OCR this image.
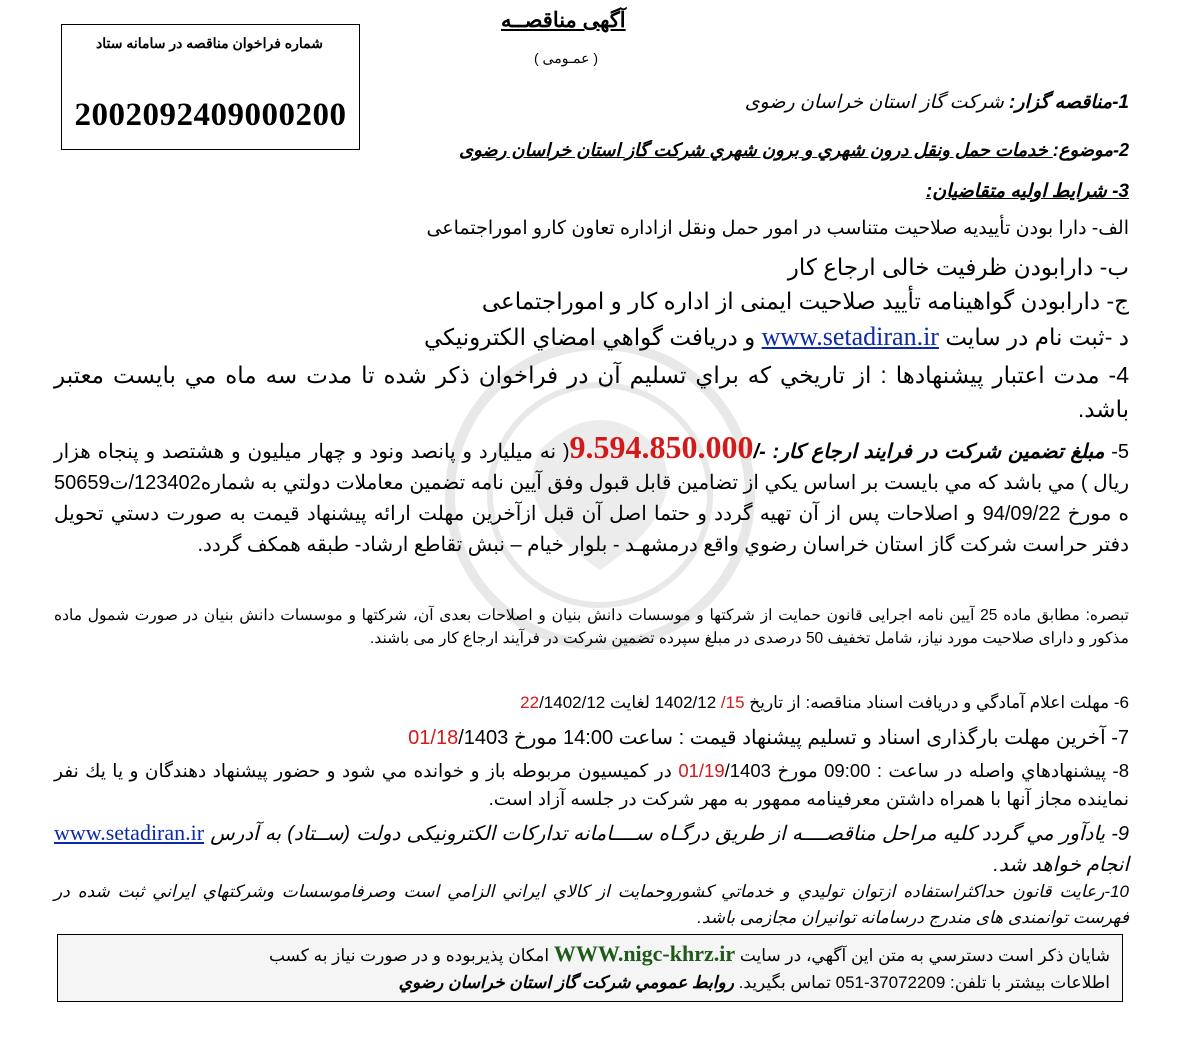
شماره فراخوان مناقصه در سامانه ستاد
2002092409000200
آگهی مناقصــه
( عمـومی )
1-مناقصه گزار: شرکت گاز استان خراسان رضوی
2-موضوع: خدمات حمل ونقل درون شهري و برون شهري شرکت گاز استان خراسان رضوی
3- شرایط اولیه متقاضیان:
الف- دارا بودن تأییدیه صلاحیت متناسب در امور حمل ونقل ازاداره تعاون کارو اموراجتماعی
ب- دارابودن ظرفیت خالی ارجاع کار
ج- دارابودن گواهینامه تأیید صلاحیت ایمنی از اداره کار و اموراجتماعی
د -ثبت نام در سایت www.setadiran.ir و دریافت گواهي امضاي الكترونيكي
4- مدت اعتبار پیشنهادها : از تاريخي كه براي تسليم آن در فراخوان ذكر شده تا مدت سه ماه مي بايست معتبر باشد.
5- مبلغ تضمین شرکت در فرایند ارجاع کار: -/9.594.850.000( نه میلیارد و پانصد ونود و چهار میلیون و هشتصد و پنجاه هزار ریال ) مي باشد كه مي بايست بر اساس يكي از تضامين قابل قبول وفق آيين نامه تضمین معاملات دولتي به شماره123402/ت50659 ه مورخ 94/09/22 و اصلاحات پس از آن تهيه گردد و حتما اصل آن قبل ازآخرين مهلت ارائه پيشنهاد قيمت به صورت دستي تحويل دفتر حراست شركت گاز استان خراسان رضوي واقع درمشهـد - بلوار خيام – نبش تقاطع ارشاد- طبقه همكف گردد.
تبصره: مطابق ماده 25 آیین نامه اجرایی قانون حمایت از شرکتها و موسسات دانش بنیان و اصلاحات بعدی آن، شرکتها و موسسات دانش بنیان در صورت شمول ماده مذکور و دارای صلاحیت مورد نیاز، شامل تخفیف 50 درصدی در مبلغ سپرده تضمین شرکت در فرآیند ارجاع کار می باشند.
6- مهلت اعلام آمادگي و دريافت اسناد مناقصه: از تاريخ 15/ 1402/12 لغايت 22/1402/12
7- آخرين مهلت بارگذاری اسناد و تسليم پيشنهاد قيمت : ساعت 14:00 مورخ 01/18/1403
8- پیشنهادهاي واصله در ساعت : 09:00 مورخ 01/19/1403 در كميسيون مربوطه باز و خوانده مي شود و حضور پيشنهاد دهندگان و يا يك نفر نماينده مجاز آنها با همراه داشتن معرفينامه ممهور به مهر شركت در جلسه آزاد است.
9- يادآور مي گردد كليه مراحل مناقصــــه از طريق درگـاه ســــامانه تدارکات الکترونیکی دولت (ســتاد) به آدرس www.setadiran.ir انجام خواهد شد.
10-رعايت قانون حداكثراستفاده ازتوان توليدي و خدماتي كشوروحمايت از كالاي ايراني الزامي است وصرفاموسسات وشركتهاي ايراني ثبت شده در فهرست توانمندی های مندرج درسامانه توانیران مجازمی باشد.
شايان ذكر است دسترسي به متن اين آگهي، در سايت WWW.nigc-khrz.ir امكان پذيربوده و در صورت نياز به كسب
اطلاعات بيشتر با تلفن: 37072209-051 تماس بگيريد. روابط عمومي شركت گاز استان خراسان رضوي
